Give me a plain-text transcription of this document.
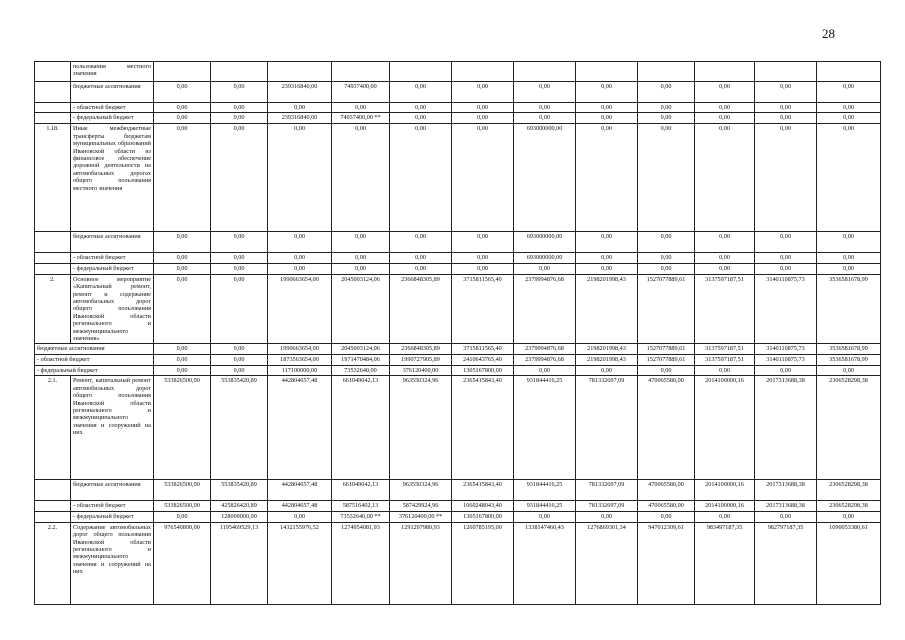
28
	пользования местного значения												
	бюджетные ассигнования	0,00	0,00	239316840,00	74937400,00	0,00	0,00	0,00	0,00	0,00	0,00	0,00	0,00
	- областной бюджет	0,00	0,00	0,00	0,00	0,00	0,00	0,00	0,00	0,00	0,00	0,00	0,00
	- федеральный бюджет	0,00	0,00	239316840,00	74937400,00 **	0,00	0,00	0,00	0,00	0,00	0,00	0,00	0,00
1.18.	Иные межбюджетные трансферты бюджетам муниципальных образований Ивановской области из финансовое обеспечение дорожной деятельности на автомобильных дорогах общего пользования местного значения	0,00	0,00	0,00	0,00	0,00	0,00	693000000,00	0,00	0,00	0,00	0,00	0,00
	бюджетные ассигнования	0,00	0,00	0,00	0,00	0,00	0,00	693000000,00	0,00	0,00	0,00	0,00	0,00
	- областной бюджет	0,00	0,00	0,00	0,00	0,00	0,00	693000000,00	0,00	0,00	0,00	0,00	0,00
	- федеральный бюджет	0,00	0,00	0,00	0,00	0,00	0,00	0,00	0,00	0,00	0,00	0,00	0,00
2.	Основное мероприятие «Капитальный ремонт, ремонт и содержание автомобильных дорог общего пользования Ивановской области регионального и межмуниципального значения»	0,00	0,00	1990663654,00	2045003124,06	2366848305,89	3715811565,40	2379994876,68	2198201998,43	1527077889,61	3137597187,51	3140110875,73	3536581678,99
бюджетные ассигнования		0,00	0,00	1990663654,00	2045003124,06	2366848305,89	3715811565,40	2379994876,68	2198201998,43	1527077889,61	3137597187,51	3140110875,73	3536581678,99
- областной бюджет		0,00	0,00	1873563654,00	1971470484,06	1990727905,89	2410643765,40	2379994876,68	2198201998,43	1527077889,61	3137597187,51	3140110875,73	3536581678,99
- федеральный бюджет		0,00	0,00	117100000,00	73532640,00	376120400,00	1305167800,00	0,00	0,00	0,00	0,00	0,00	0,00
2.1.	Ремонт, капитальный ремонт автомобильных дорог общего пользования Ивановской области регионального и межмуниципального значения и сооружений на них	533826500,00	553835420,89	442804657,48	661049042,13	963550324,96	2365415843,40	931844416,25	781332697,09	470065580,00	2014100000,16	2017313688,38	2306528298,38
	бюджетные ассигнования	533826500,00	553835420,89	442804657,48	661049042,13	963550324,96	2365415843,40	931844416,25	781332697,09	470065580,00	2014100000,16	2017313688,38	2306528298,38
	- областной бюджет	533826500,00	425826420,89	442804657,48	587516402,13	587429924,96	1060248043,40	931844416,25	781332697,09	470065580,00	2014100000,16	2017313688,38	2306528298,38
	- федеральный бюджет	0,00	128009000,00	0,00	73532640,00 **	376120400,00 **	1305167800,00	0,00	0,00	0,00	0,00	0,00	0,00
2.2.	Содержание автомобильных дорог общего пользования Ивановской области регионального и межмуниципального значения и сооружений на них	976540800,00	1195469529,13	1432155976,52	1274954081,93	1291297980,93	1260785195,00	1338147460,43	1276869301,34	947012309,61	983497187,35	982797187,35	1090053380,61
